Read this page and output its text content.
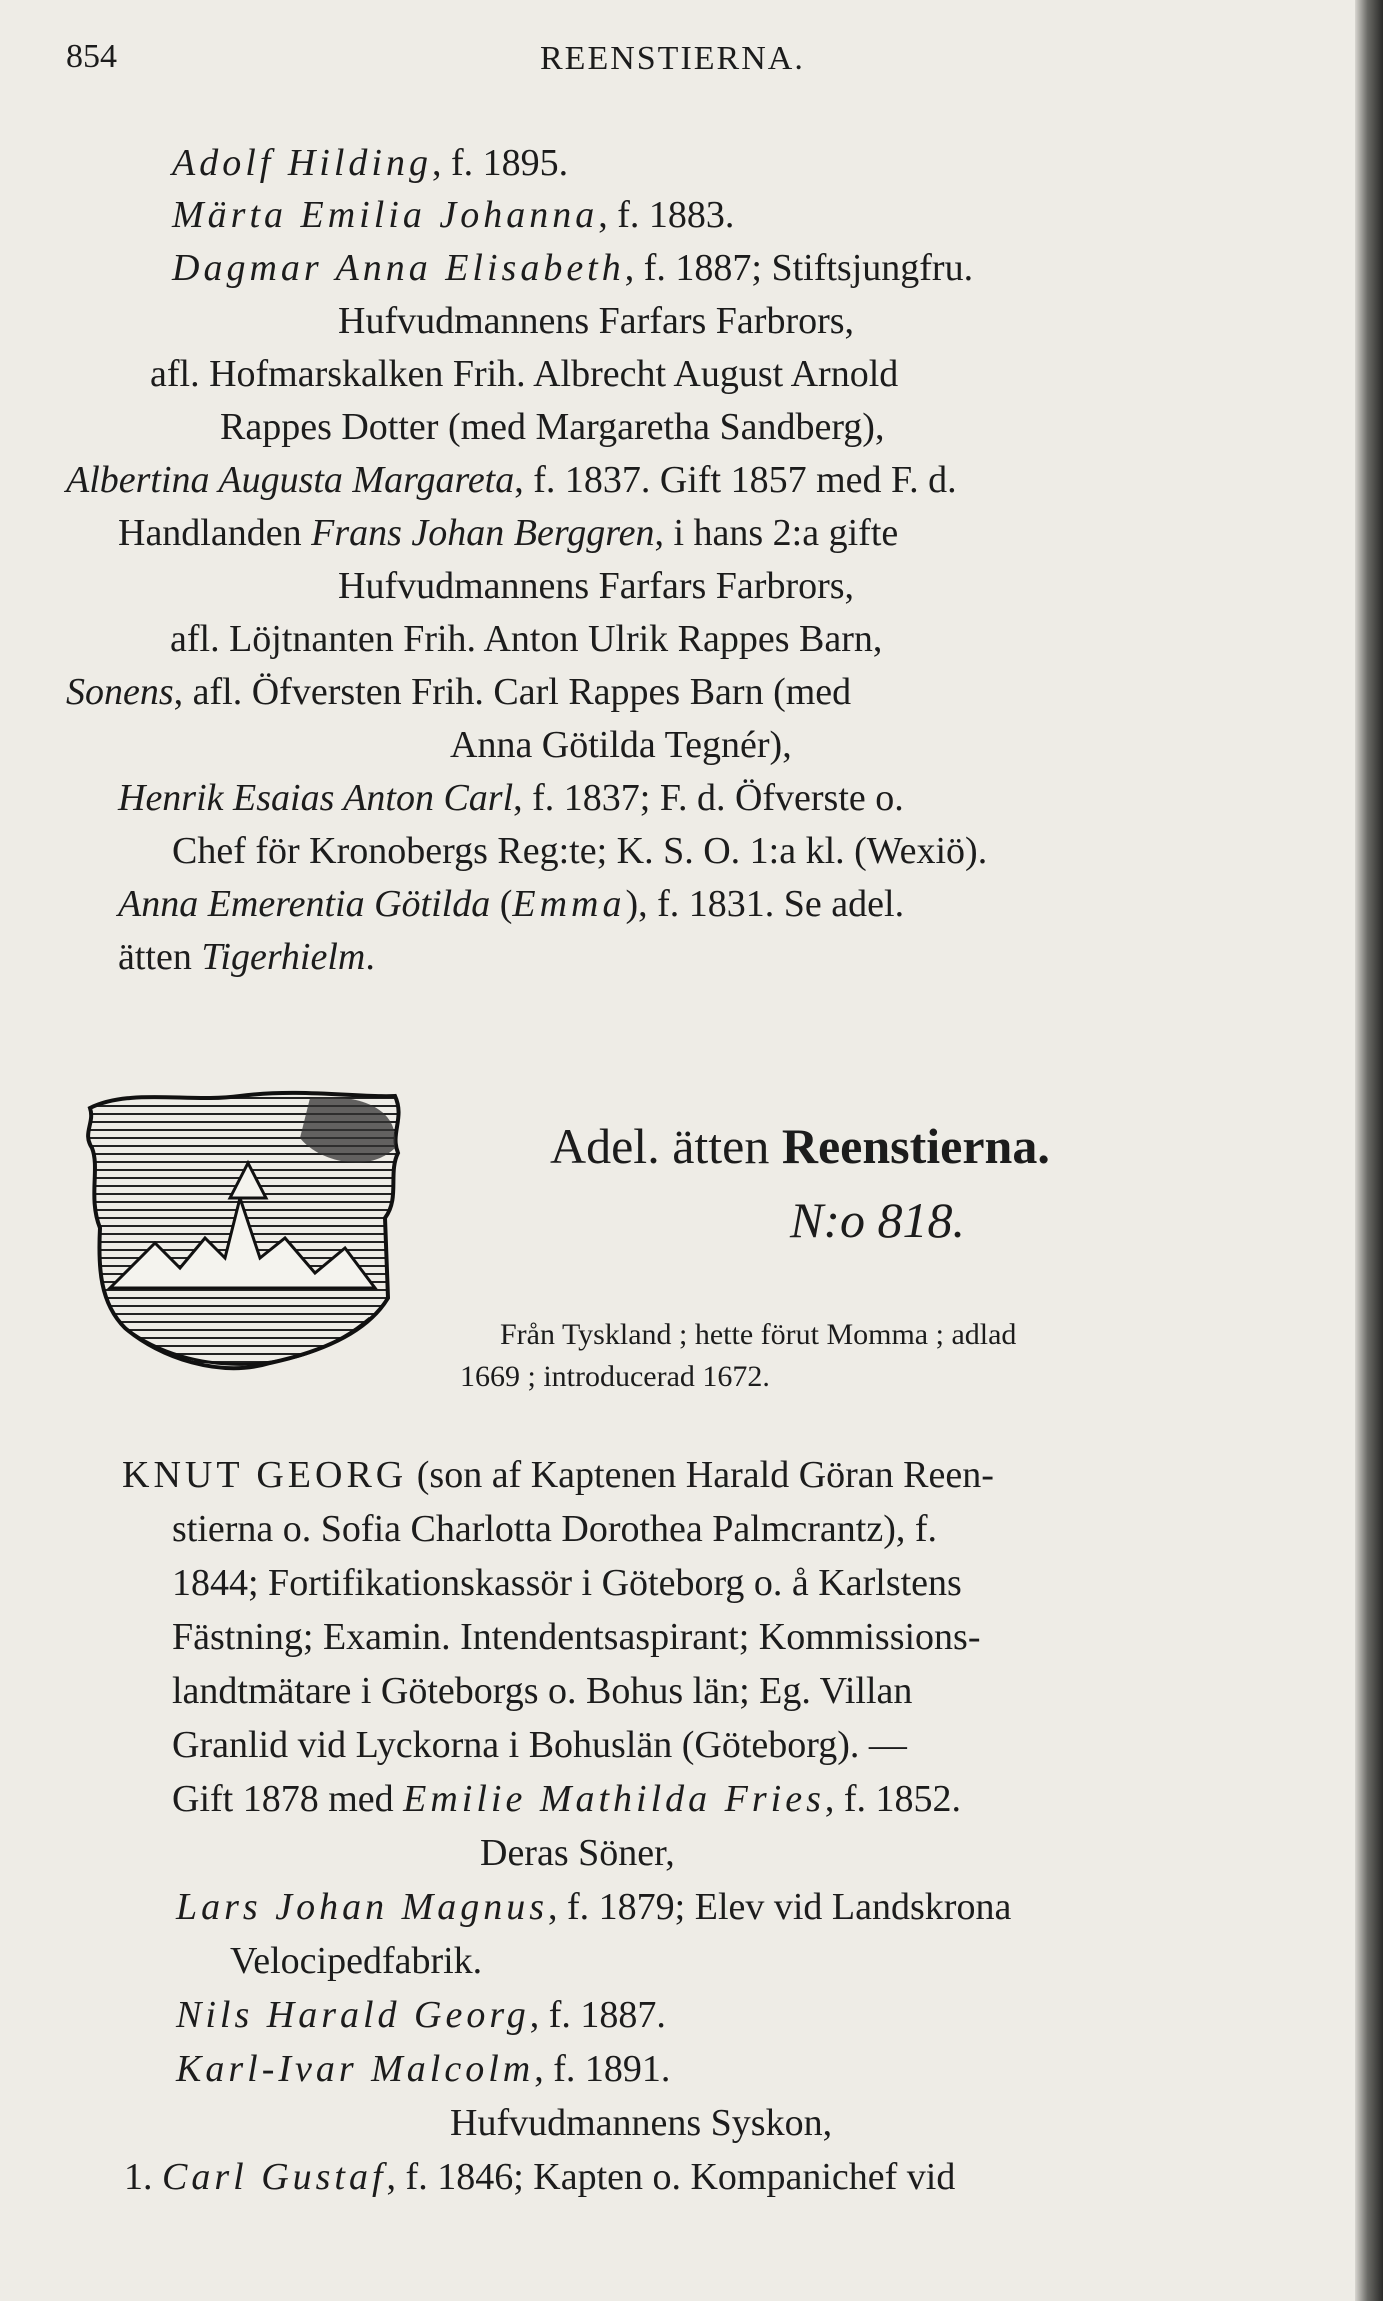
854	REENSTIERNA.
Adolf Hilding, f. 1895.
Märta Emilia Johanna, f. 1883.
Dagmar Anna Elisabeth, f. 1887; Stiftsjungfru.
Hufvudmannens Farfars Farbrors,
afl. Hofmarskalken Frih. Albrecht August Arnold
Rappes Dotter (med Margaretha Sandberg),
Albertina Augusta Margareta, f. 1837. Gift 1857 med F. d.
Handlanden Frans Johan Berggren, i hans 2:a gifte
Hufvudmannens Farfars Farbrors,
afl. Löjtnanten Frih. Anton Ulrik Rappes Barn,
Sonens, afl. Öfversten Frih. Carl Rappes Barn (med
Anna Götilda Tegnér),
Henrik Esaias Anton Carl, f. 1837; F. d. Öfverste o.
Chef för Kronobergs Reg:te; K. S. O. 1:a kl. (Wexiö).
Anna Emerentia Götilda (Emma), f. 1831. Se adel.
ätten Tigerhielm.
Adel. ätten Reenstierna.
N:o 818.
Från Tyskland ; hette förut Momma ; adlad
1669 ; introducerad 1672.
KNUT GEORG (son af Kaptenen Harald Göran Reen-
stierna o. Sofia Charlotta Dorothea Palmcrantz), f.
1844; Fortifikationskassör i Göteborg o. å Karlstens
Fästning; Examin. Intendentsaspirant; Kommissions-
landtmätare i Göteborgs o. Bohus län; Eg. Villan
Granlid vid Lyckorna i Bohuslän (Göteborg). —
Gift 1878 med Emilie Mathilda Fries, f. 1852.
Deras Söner,
Lars Johan Magnus, f. 1879; Elev vid Landskrona
Velocipedfabrik.
Nils Harald Georg, f. 1887.
Karl-Ivar Malcolm, f. 1891.
Hufvudmannens Syskon,
1. Carl Gustaf, f. 1846; Kapten o. Kompanichef vid
